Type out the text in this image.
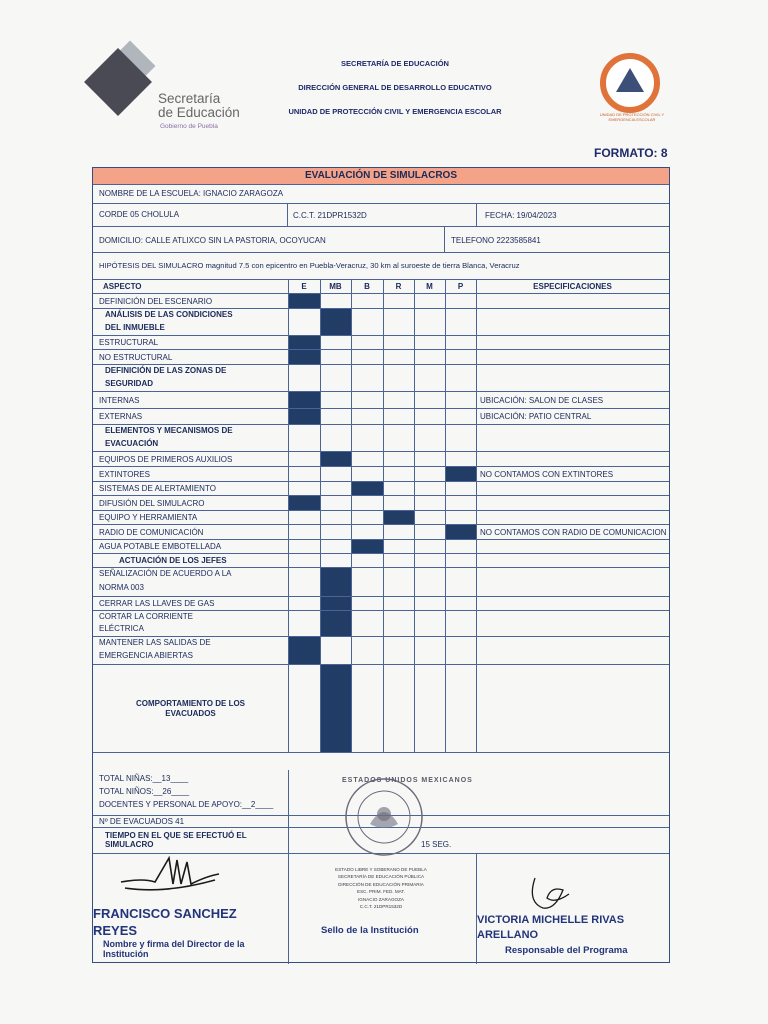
Secretaría
de Educación
Gobierno de Puebla
SECRETARÍA DE EDUCACIÓN
DIRECCIÓN GENERAL DE DESARROLLO EDUCATIVO
UNIDAD DE PROTECCIÓN CIVIL Y EMERGENCIA ESCOLAR	UNIDAD DE PROTECCIÓN CIVIL Y EMERGENCIA ESCOLAR
FORMATO: 8
EVALUACIÓN DE SIMULACROS
NOMBRE DE LA ESCUELA: IGNACIO ZARAGOZA
CORDE 05 CHOLULA	C.C.T. 21DPR1532D	FECHA: 19/04/2023
DOMICILIO: CALLE ATLIXCO SIN LA PASTORIA, OCOYUCAN	TELEFONO 2223585841
HIPÓTESIS DEL SIMULACRO magnitud 7.5 con epicentro en Puebla-Veracruz, 30 km al suroeste de tierra Blanca, Veracruz
ASPECTO	E	MB	B	R	M	P	ESPECIFICACIONES
DEFINICIÓN DEL ESCENARIO
ANÁLISIS DE LAS CONDICIONES
DEL INMUEBLE
ESTRUCTURAL
NO ESTRUCTURAL
DEFINICIÓN DE LAS ZONAS DE
SEGURIDAD
INTERNAS	UBICACIÓN: SALON DE CLASES
EXTERNAS	UBICACIÓN: PATIO CENTRAL
ELEMENTOS Y MECANISMOS DE
EVACUACIÓN
EQUIPOS DE PRIMEROS AUXILIOS
EXTINTORES	NO CONTAMOS CON EXTINTORES
SISTEMAS DE ALERTAMIENTO
DIFUSIÓN DEL SIMULACRO
EQUIPO Y HERRAMIENTA
RADIO DE COMUNICACIÓN	NO CONTAMOS CON RADIO DE COMUNICACION
AGUA POTABLE EMBOTELLADA
ACTUACIÓN DE LOS JEFES
SEÑALIZACIÓN DE ACUERDO A LA
NORMA 003
CERRAR LAS LLAVES DE GAS
CORTAR LA CORRIENTE
ELÉCTRICA
MANTENER LAS SALIDAS DE
EMERGENCIA ABIERTAS
COMPORTAMIENTO DE LOS
EVACUADOS
TOTAL NIÑAS:__13____
TOTAL NIÑOS:__26____
DOCENTES Y PERSONAL DE APOYO:__2____
Nº DE EVACUADOS 41
TIEMPO EN EL QUE SE EFECTUÓ EL
SIMULACRO	15 SEG.
ESTADOS UNIDOS MEXICANOS
FRANCISCO SANCHEZ
REYES
Nombre y firma del Director de la
Institución
ESTADO LIBRE Y SOBERANO DE PUEBLA
SECRETARÍA DE EDUCACIÓN PÚBLICA
DIRECCIÓN DE EDUCACIÓN PRIMARIA
ESC. PRIM. FED. MAT.
IGNACIO ZARAGOZA
C.C.T. 21DPR1532D
Sello de la Institución
VICTORIA MICHELLE RIVAS
ARELLANO
Responsable del Programa
